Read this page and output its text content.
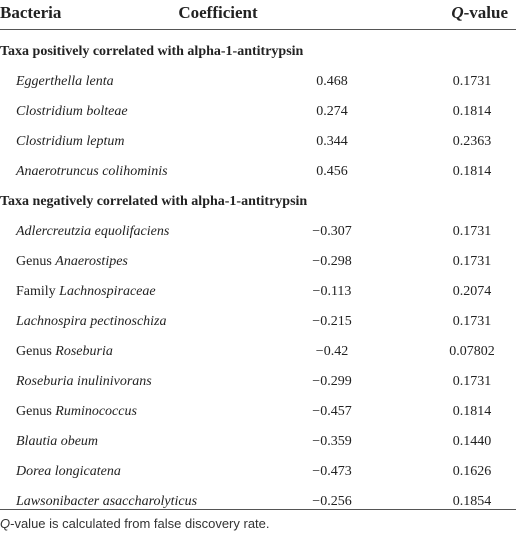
Bacteria	Coefficient	Q-value
Taxa positively correlated with alpha-1-antitrypsin
Eggerthella lenta	0.468	0.1731
Clostridium bolteae	0.274	0.1814
Clostridium leptum	0.344	0.2363
Anaerotruncus colihominis	0.456	0.1814
Taxa negatively correlated with alpha-1-antitrypsin
Adlercreutzia equolifaciens	−0.307	0.1731
Genus Anaerostipes	−0.298	0.1731
Family Lachnospiraceae	−0.113	0.2074
Lachnospira pectinoschiza	−0.215	0.1731
Genus Roseburia	−0.42	0.07802
Roseburia inulinivorans	−0.299	0.1731
Genus Ruminococcus	−0.457	0.1814
Blautia obeum	−0.359	0.1440
Dorea longicatena	−0.473	0.1626
Lawsonibacter asaccharolyticus	−0.256	0.1854
Q-value is calculated from false discovery rate.
